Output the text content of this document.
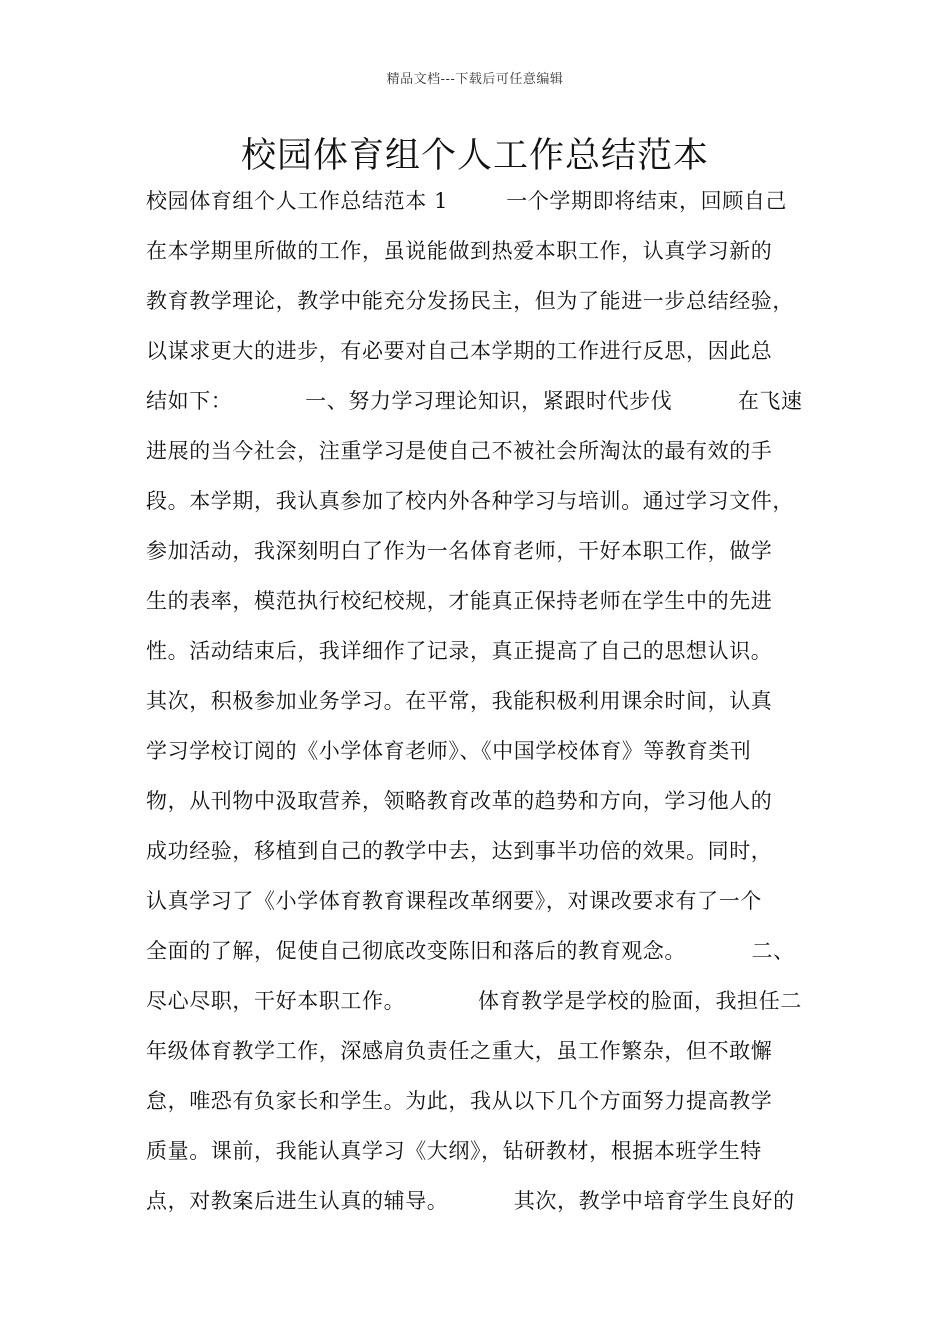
精品文档---下载后可任意编辑
校园体育组个人工作总结范本
校园体育组个人工作总结范本 1        一个学期即将结束，回顾自己
在本学期里所做的工作，虽说能做到热爱本职工作，认真学习新的
教育教学理论，教学中能充分发扬民主，但为了能进一步总结经验，
以谋求更大的进步，有必要对自己本学期的工作进行反思，因此总
结如下：          一、努力学习理论知识，紧跟时代步伐         在飞速
进展的当今社会，注重学习是使自己不被社会所淘汰的最有效的手
段。本学期，我认真参加了校内外各种学习与培训。通过学习文件，
参加活动，我深刻明白了作为一名体育老师，干好本职工作，做学
生的表率，模范执行校纪校规，才能真正保持老师在学生中的先进
性。活动结束后，我详细作了记录，真正提高了自己的思想认识。
其次，积极参加业务学习。在平常，我能积极利用课余时间，认真
学习学校订阅的《小学体育老师》、《中国学校体育》等教育类刊
物，从刊物中汲取营养，领略教育改革的趋势和方向，学习他人的
成功经验，移植到自己的教学中去，达到事半功倍的效果。同时，
认真学习了《小学体育教育课程改革纲要》，对课改要求有了一个
全面的了解，促使自己彻底改变陈旧和落后的教育观念。         二、
尽心尽职，干好本职工作。          体育教学是学校的脸面，我担任二
年级体育教学工作，深感肩负责任之重大，虽工作繁杂，但不敢懈
怠，唯恐有负家长和学生。为此，我从以下几个方面努力提高教学
质量。课前，我能认真学习《大纲》，钻研教材，根据本班学生特
点，对教案后进生认真的辅导。         其次，教学中培育学生良好的
